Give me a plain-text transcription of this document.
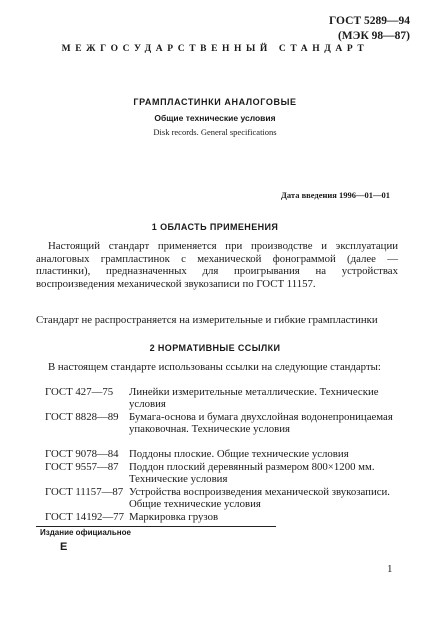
ГОСТ 5289—94
(МЭК 98—87)
МЕЖГОСУДАРСТВЕННЫЙ СТАНДАРТ
ГРАМПЛАСТИНКИ АНАЛОГОВЫЕ
Общие технические условия
Disk records. General specifications
Дата введения 1996—01—01
1 ОБЛАСТЬ ПРИМЕНЕНИЯ
Настоящий стандарт применяется при производстве и эксплуатации аналоговых грампластинок с механической фонограммой (далее — пластинки), предназначенных для проигрывания на устройствах воспроизведения механической звукозаписи по ГОСТ 11157.
Стандарт не распространяется на измерительные и гибкие грампластинки
2 НОРМАТИВНЫЕ ССЫЛКИ
В настоящем стандарте использованы ссылки на следующие стандарты:
ГОСТ 427—75 Линейки измерительные металлические. Технические условия
ГОСТ 8828—89 Бумага-основа и бумага двухслойная водонепроницаемая упаковочная. Технические условия
ГОСТ 9078—84 Поддоны плоские. Общие технические условия
ГОСТ 9557—87 Поддон плоский деревянный размером 800×1200 мм. Технические условия
ГОСТ 11157—87 Устройства воспроизведения механической звукозаписи. Общие технические условия
ГОСТ 14192—77 Маркировка грузов
Издание официальное
Е
1
